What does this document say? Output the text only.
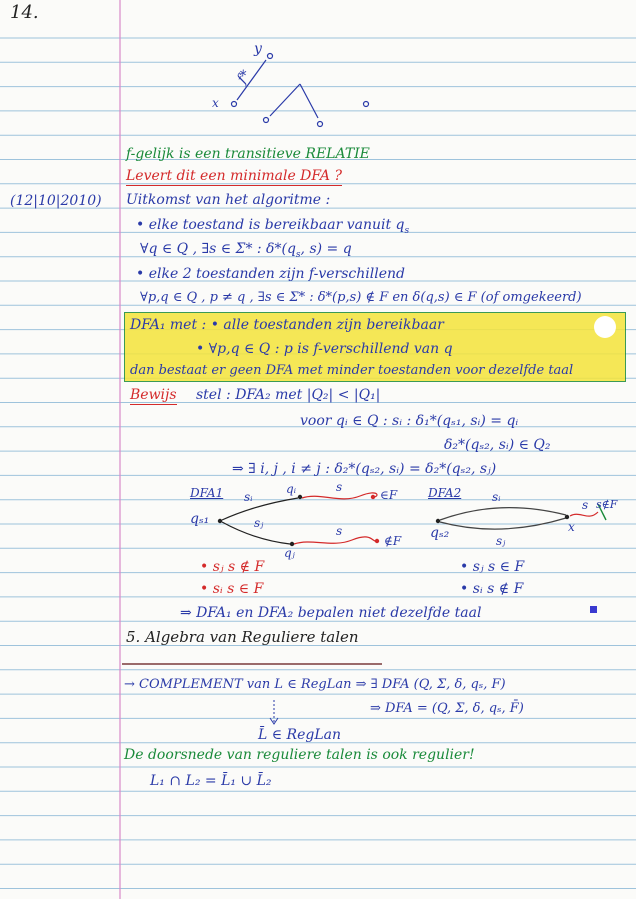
14.
x
y
f*
f-gelijk is een transitieve RELATIE
Levert dit een minimale DFA ?
(12|10|2010) Uitkomst van het algoritme :
• elke toestand is bereikbaar vanuit $q_s$
∀q ∈ Q , ∃s ∈ Σ* : $\delta*(q_s$, s) = q
• elke 2 toestanden zijn f-verschillend
∀p,q ∈ Q , p ≠ q , ∃s ∈ Σ* : δ*(p,s) ∉ F en δ(q,s) ∈ F (of omgekeerd)
DFA₁ met : • alle toestanden zijn bereikbaar
• ∀p,q ∈ Q : p is f-verschillend van q
dan bestaat er geen DFA met minder toestanden voor dezelfde taal
Bewijs stel : DFA₂ met |Q₂| < |Q₁|
voor qᵢ ∈ Q : sᵢ : δ₁*(qₛ₁, sᵢ) = qᵢ
δ₂*(qₛ₂, sᵢ) ∈ Q₂
⇒ ∃ i, j , i ≠ j : δ₂*(qₛ₂, sᵢ) = δ₂*(qₛ₂, sⱼ)
DFA1
qₛ₁
sᵢ
qᵢ	s
∈F
sⱼ
s
∉F
qⱼ
DFA2	sᵢ
qₛ₂	sⱼ
x
s s∉F
• sⱼ s ∉ F
• sᵢ s ∈ F
• sⱼ s ∈ F
• sᵢ s ∉ F
⇒ DFA₁ en DFA₂ bepalen niet dezelfde taal
5. Algebra van Reguliere talen
→ COMPLEMENT van L ∈ RegLan ⇒ ∃ DFA (Q, Σ, δ, qₛ, F)
⇒ DFA = (Q, Σ, δ, qₛ, F̄)
L̄ ∈ RegLan
De doorsnede van reguliere talen is ook regulier!
L₁ ∩ L₂ = L̄₁ ∪ L̄₂
